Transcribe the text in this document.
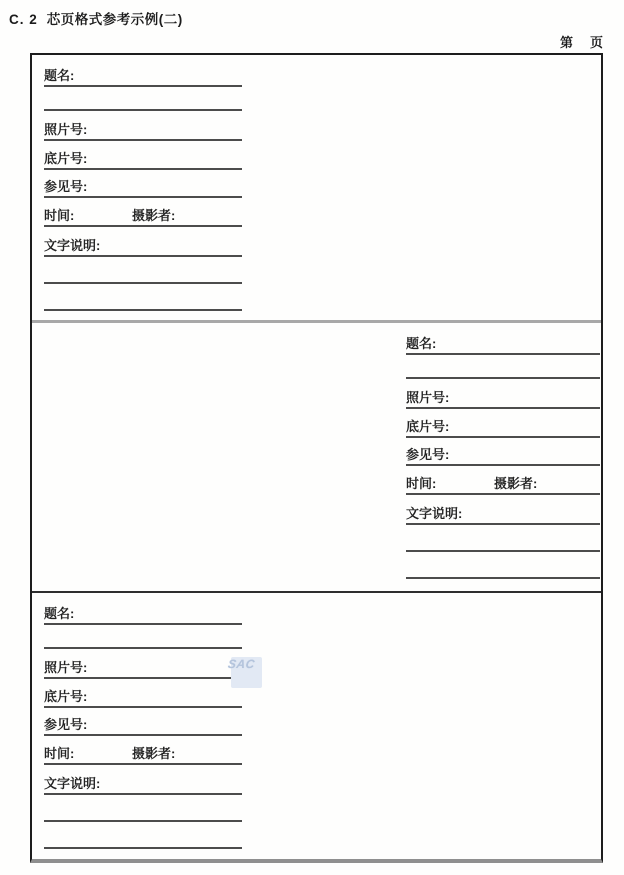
C. 2 芯页格式参考示例(二)
第 页
题名:
照片号:
底片号:
参见号:
时间:	摄影者:
文字说明:
题名:
照片号:
底片号:
参见号:
时间:	摄影者:
文字说明:
题名:
照片号:
底片号:
参见号:
时间:	摄影者:
文字说明:
SAC
